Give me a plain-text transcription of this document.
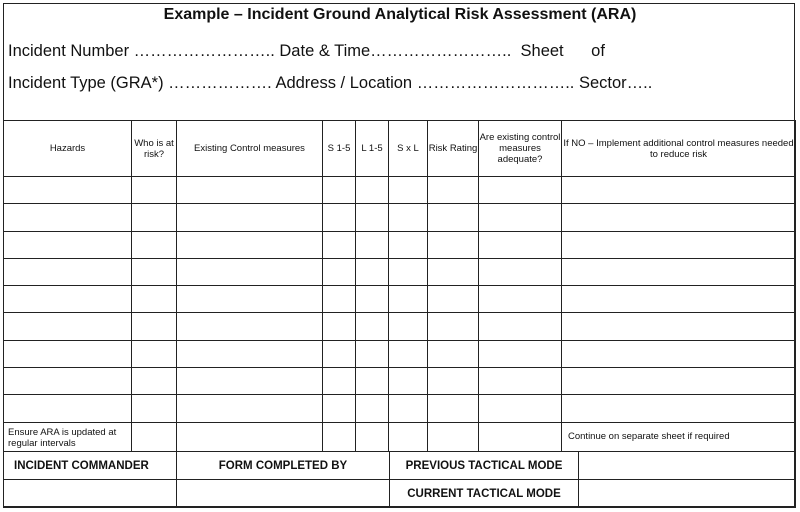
Example – Incident Ground Analytical Risk Assessment (ARA)
Incident Number …………………….. Date & Time……………………..  Sheet      of
Incident Type (GRA*) ………………. Address / Location ……………………….. Sector…..
Hazards	Who is at risk?	Existing Control measures	S 1-5	L 1-5	S x L	Risk Rating	Are existing control measures adequate?	If NO – Implement additional control measures needed to reduce risk

Ensure ARA is updated at regular intervals								Continue on separate sheet if required
INCIDENT COMMANDER	FORM COMPLETED BY	PREVIOUS TACTICAL MODE	
		CURRENT TACTICAL MODE	
